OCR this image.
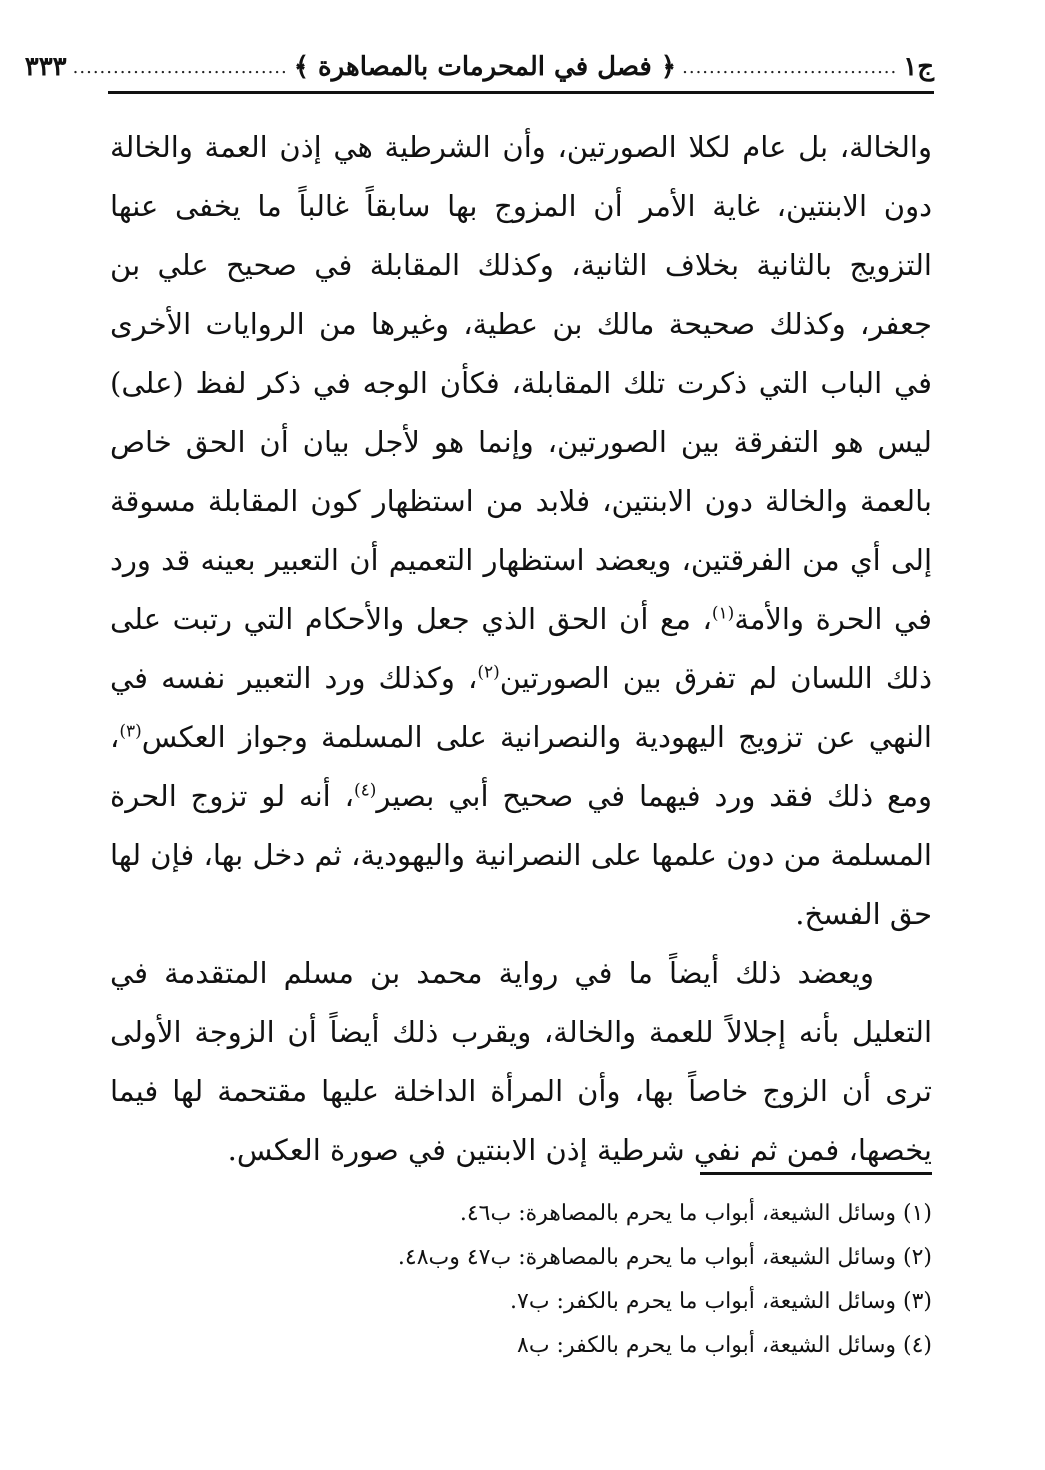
ج١
................................
﴿ فصل في المحرمات بالمصاهرة ﴾
................................
٣٣٣

والخالة، بل عام لكلا الصورتين، وأن الشرطية هي إذن العمة والخالة دون الابنتين، غاية الأمر أن المزوج بها سابقاً غالباً ما يخفى عنها التزويج بالثانية بخلاف الثانية، وكذلك المقابلة في صحيح علي بن جعفر، وكذلك صحيحة مالك بن عطية، وغيرها من الروايات الأخرى في الباب التي ذكرت تلك المقابلة، فكأن الوجه في ذكر لفظ (على) ليس هو التفرقة بين الصورتين، وإنما هو لأجل بيان أن الحق خاص بالعمة والخالة دون الابنتين، فلابد من استظهار كون المقابلة مسوقة إلى أي من الفرقتين، ويعضد استظهار التعميم أن التعبير بعينه قد ورد في الحرة والأمة$^{(١)}$، مع أن الحق الذي جعل والأحكام التي رتبت على ذلك اللسان لم تفرق بين الصورتين$^{(٢)}$، وكذلك ورد التعبير نفسه في النهي عن تزويج اليهودية والنصرانية على المسلمة وجواز العكس$^{(٣)}$، ومع ذلك فقد ورد فيهما في صحيح أبي بصير$^{(٤)}$، أنه لو تزوج الحرة المسلمة من دون علمها على النصرانية واليهودية، ثم دخل بها، فإن لها حق الفسخ.

ويعضد ذلك أيضاً ما في رواية محمد بن مسلم المتقدمة في التعليل بأنه إجلالاً للعمة والخالة، ويقرب ذلك أيضاً أن الزوجة الأولى ترى أن الزوج خاصاً بها، وأن المرأة الداخلة عليها مقتحمة لها فيما يخصها، فمن ثم نفي شرطية إذن الابنتين في صورة العكس.

(١) وسائل الشيعة، أبواب ما يحرم بالمصاهرة: ب٤٦.

(٢) وسائل الشيعة، أبواب ما يحرم بالمصاهرة: ب٤٧ وب٤٨.

(٣) وسائل الشيعة، أبواب ما يحرم بالكفر: ب٧.

(٤) وسائل الشيعة، أبواب ما يحرم بالكفر: ب٨
